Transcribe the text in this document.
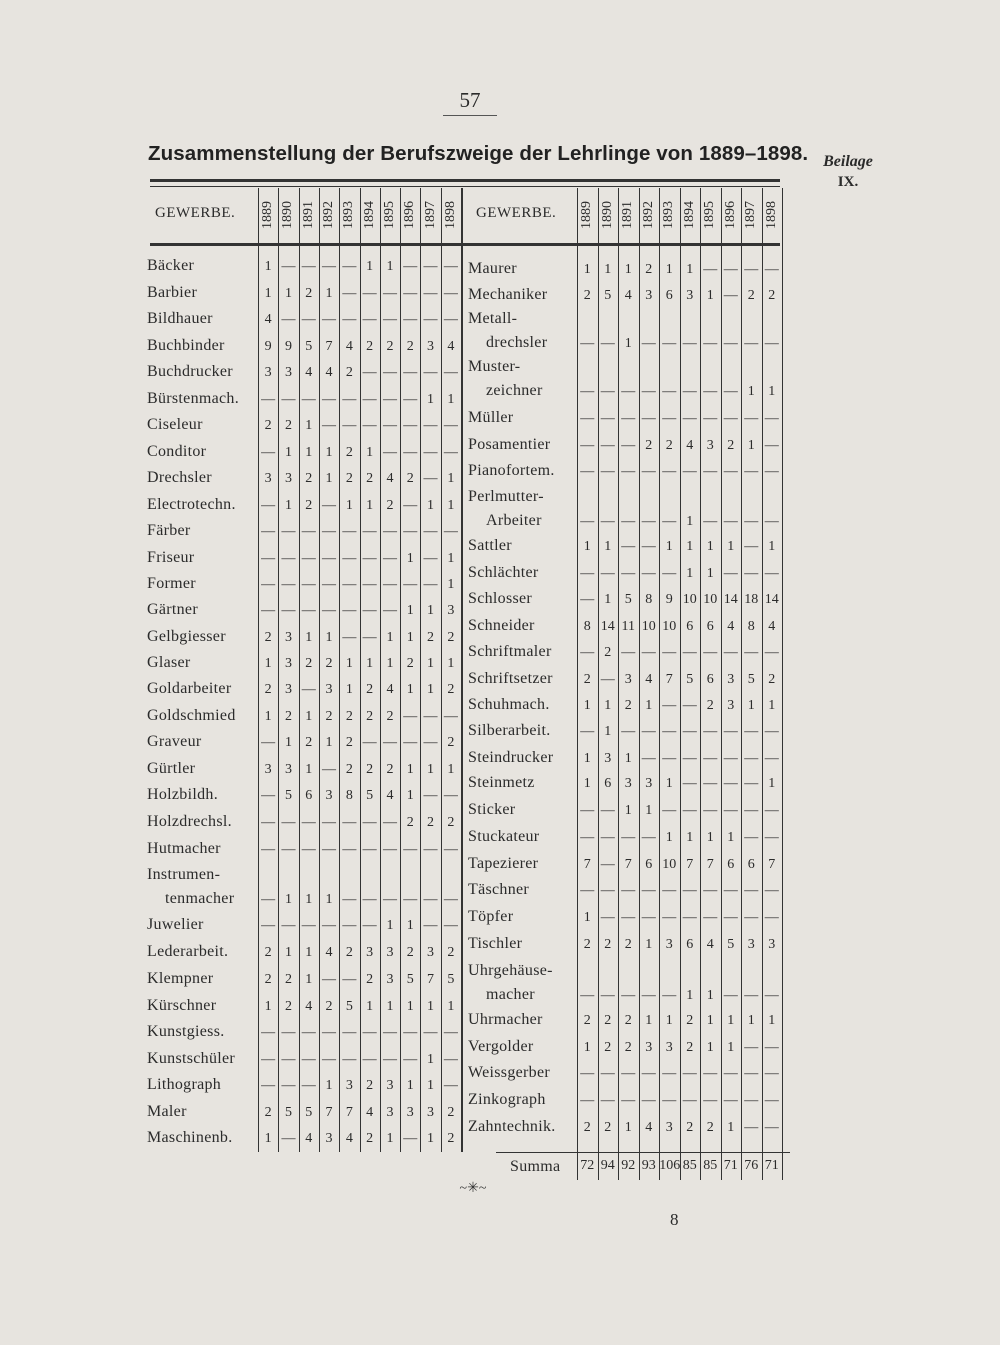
57
Zusammenstellung der Berufszweige der Lehrlinge von 1889–1898. Beilage
IX.
GEWERBE.	GEWERBE.
1889 1890 1891 1892 1893 1894 1895 1896 1897 1898
Bäcker	1 — — — — 1 1 — — —
Barbier	1 1 2 1 — — — — — —
Bildhauer	4 — — — — — — — — —
Buchbinder	9 9 5 7 4 2 2 2 3 4
Buchdrucker	3 3 4 4 2 — — — — —
Bürstenmach. — — — — — — — — 1 1
Ciseleur	2 2 1 — — — — — — —
Conditor	— 1 1 1 2 1 — — — —
Drechsler	3 3 2 1 2 2 4 2 — 1
Electrotechn. — 1 2 — 1 1 2 — 1 1
Färber	— — — — — — — — — —
Friseur	— — — — — — — 1 — 1
Former	— — — — — — — — — 1
Gärtner	— — — — — — — 1 1 3
Gelbgiesser	2 3 1 1 — — 1 1 2 2
Glaser	1 3 2 2 1 1 1 2 1 1
Goldarbeiter	2 3 — 3 1 2 4 1 1 2
Goldschmied	1 2 1 2 2 2 2 — — —
Graveur	— 1 2 1 2 — — — — 2
Gürtler	3 3 1 — 2 2 2 1 1 1
Holzbildh.	— 5 6 3 8 5 4 1 — —
Holzdrechsl. — — — — — — — 2 2 2
Hutmacher	— — — — — — — — — —
Instrumen-
tenmacher — 1 1 1 — — — — — —
Juwelier	— — — — — — 1 1 — —
Lederarbeit.	2 1 1 4 2 3 3 2 3 2
Klempner	2 2 1 — — 2 3 5 7 5
Kürschner	1 2 4 2 5 1 1 1 1 1
Kunstgiess.	— — — — — — — — — —
Kunstschüler — — — — — — — — 1 —
Lithograph	— — — 1 3 2 3 1 1 —
Maler	2 5 5 7 7 4 3 3 3 2
Maschinenb.	1 — 4 3 4 2 1 — 1 2
1889 1890 1891 1892 1893 1894 1895 1896 1897 1898
Maurer	1 1 1 2 1 1 — — — —
Mechaniker	2 5 4 3 6 3 1 — 2 2
Metall-
drechsler — — 1 — — — — — — —
Muster-
zeichner	— — — — — — — — 1 1
Müller	— — — — — — — — — —
Posamentier — — — 2 2 4 3 2 1 —
Pianofortem. — — — — — — — — — —
Perlmutter-
Arbeiter	— — — — — 1 — — — —
Sattler	1 1 — — 1 1 1 1 — 1
Schlächter	— — — — — 1 1 — — —
Schlosser	— 1 5 8 9 10 10 14 18 14
Schneider	8 14 11 10 10 6 6 4 8 4
Schriftmaler — 2 — — — — — — — —
Schriftsetzer	2 — 3 4 7 5 6 3 5 2
Schuhmach.	1 1 2 1 — — 2 3 1 1
Silberarbeit. — 1 — — — — — — — —
Steindrucker	1 3 1 — — — — — — —
Steinmetz	1 6 3 3 1 — — — — 1
Sticker	— — 1 1 — — — — — —
Stuckateur	— — — — 1 1 1 1 — —
Tapezierer	7 — 7 6 10 7 7 6 6 7
Täschner	— — — — — — — — — —
Töpfer	1 — — — — — — — — —
Tischler	2 2 2 1 3 6 4 5 3 3
Uhrgehäuse-
macher	— — — — — 1 1 — — —
Uhrmacher	2 2 2 1 1 2 1 1 1 1
Vergolder	1 2 2 3 3 2 1 1 — —
Weissgerber — — — — — — — — — —
Zinkograph — — — — — — — — — —
Zahntechnik.	2 2 1 4 3 2 2 1 — —
72 94 92 93 106 85 85 71 76 71
Summa
~✳~
8
